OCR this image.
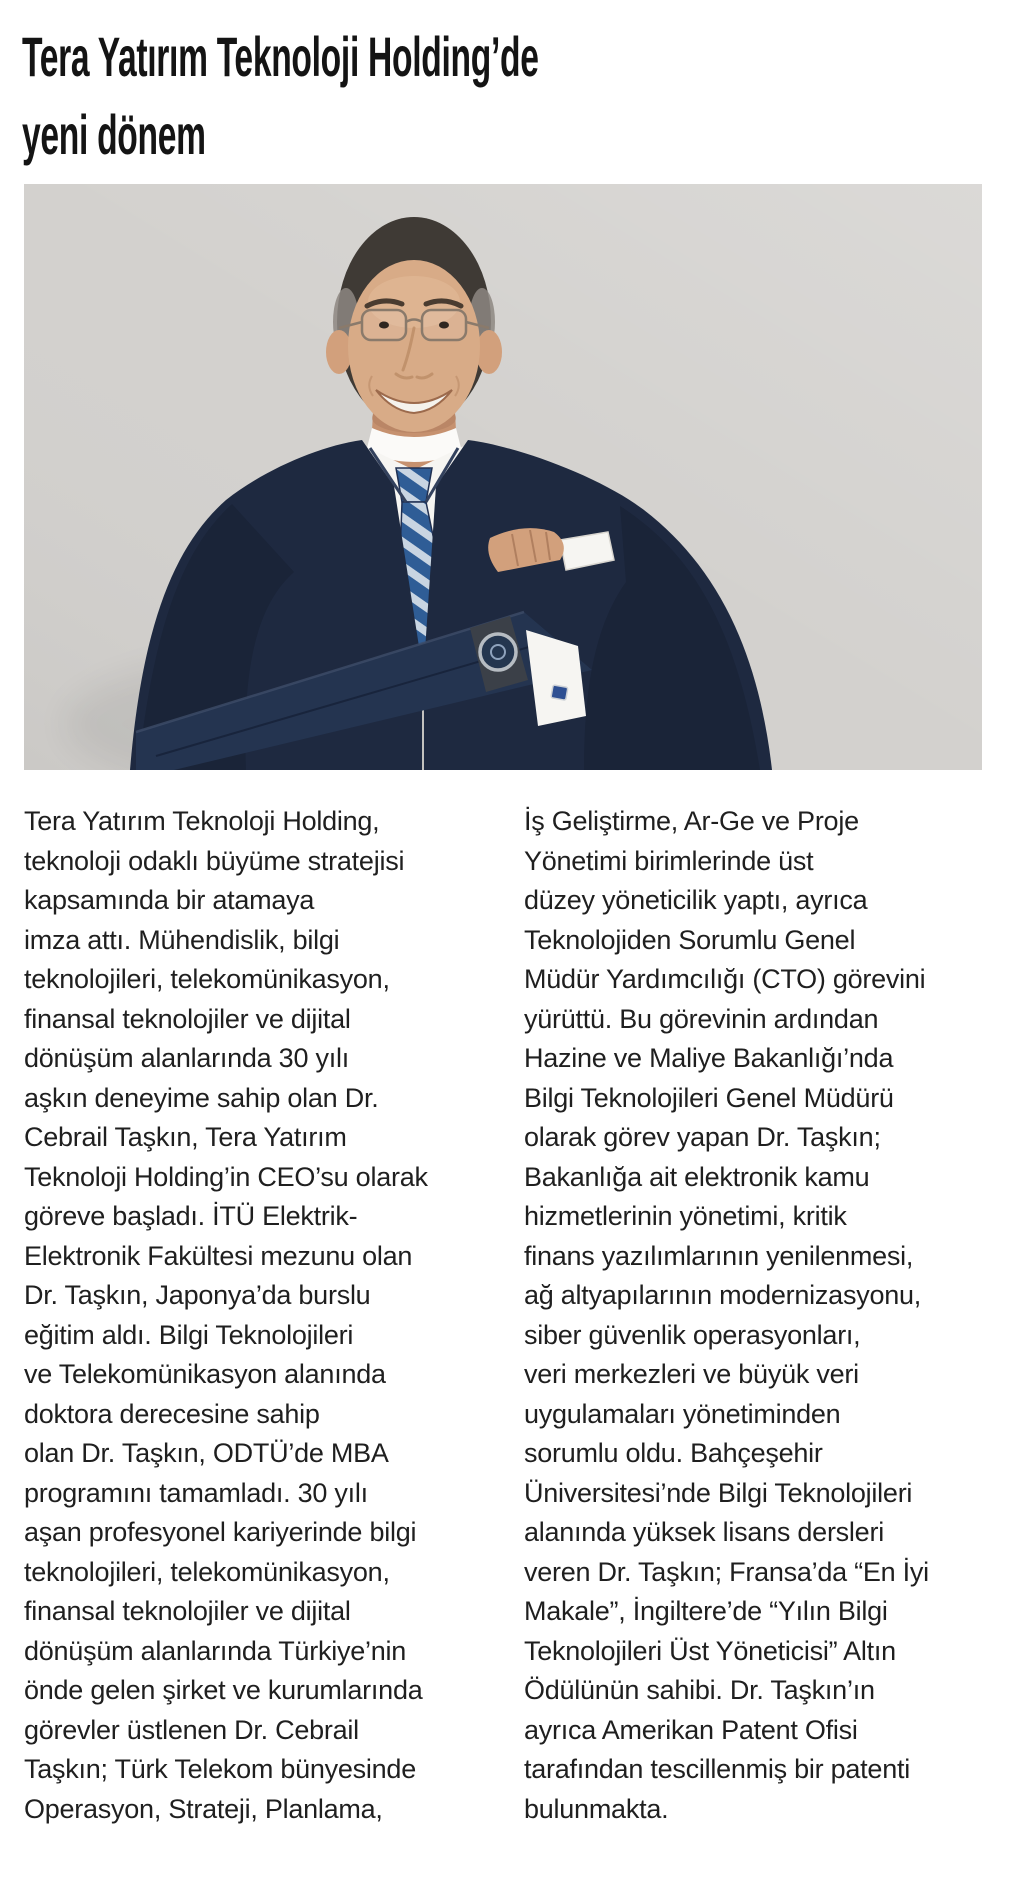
Tera Yatırım Teknoloji Holding’de
yeni dönem
Tera Yatırım Teknoloji Holding,
teknoloji odaklı büyüme stratejisi
kapsamında bir atamaya
imza attı. Mühendislik, bilgi
teknolojileri, telekomünikasyon,
finansal teknolojiler ve dijital
dönüşüm alanlarında 30 yılı
aşkın deneyime sahip olan Dr.
Cebrail Taşkın, Tera Yatırım
Teknoloji Holding’in CEO’su olarak
göreve başladı. İTÜ Elektrik-
Elektronik Fakültesi mezunu olan
Dr. Taşkın, Japonya’da burslu
eğitim aldı. Bilgi Teknolojileri
ve Telekomünikasyon alanında
doktora derecesine sahip
olan Dr. Taşkın, ODTÜ’de MBA
programını tamamladı. 30 yılı
aşan profesyonel kariyerinde bilgi
teknolojileri, telekomünikasyon,
finansal teknolojiler ve dijital
dönüşüm alanlarında Türkiye’nin
önde gelen şirket ve kurumlarında
görevler üstlenen Dr. Cebrail
Taşkın; Türk Telekom bünyesinde
Operasyon, Strateji, Planlama,
İş Geliştirme, Ar-Ge ve Proje
Yönetimi birimlerinde üst
düzey yöneticilik yaptı, ayrıca
Teknolojiden Sorumlu Genel
Müdür Yardımcılığı (CTO) görevini
yürüttü. Bu görevinin ardından
Hazine ve Maliye Bakanlığı’nda
Bilgi Teknolojileri Genel Müdürü
olarak görev yapan Dr. Taşkın;
Bakanlığa ait elektronik kamu
hizmetlerinin yönetimi, kritik
finans yazılımlarının yenilenmesi,
ağ altyapılarının modernizasyonu,
siber güvenlik operasyonları,
veri merkezleri ve büyük veri
uygulamaları yönetiminden
sorumlu oldu. Bahçeşehir
Üniversitesi’nde Bilgi Teknolojileri
alanında yüksek lisans dersleri
veren Dr. Taşkın; Fransa’da “En İyi
Makale”, İngiltere’de “Yılın Bilgi
Teknolojileri Üst Yöneticisi” Altın
Ödülünün sahibi. Dr. Taşkın’ın
ayrıca Amerikan Patent Ofisi
tarafından tescillenmiş bir patenti
bulunmakta.
